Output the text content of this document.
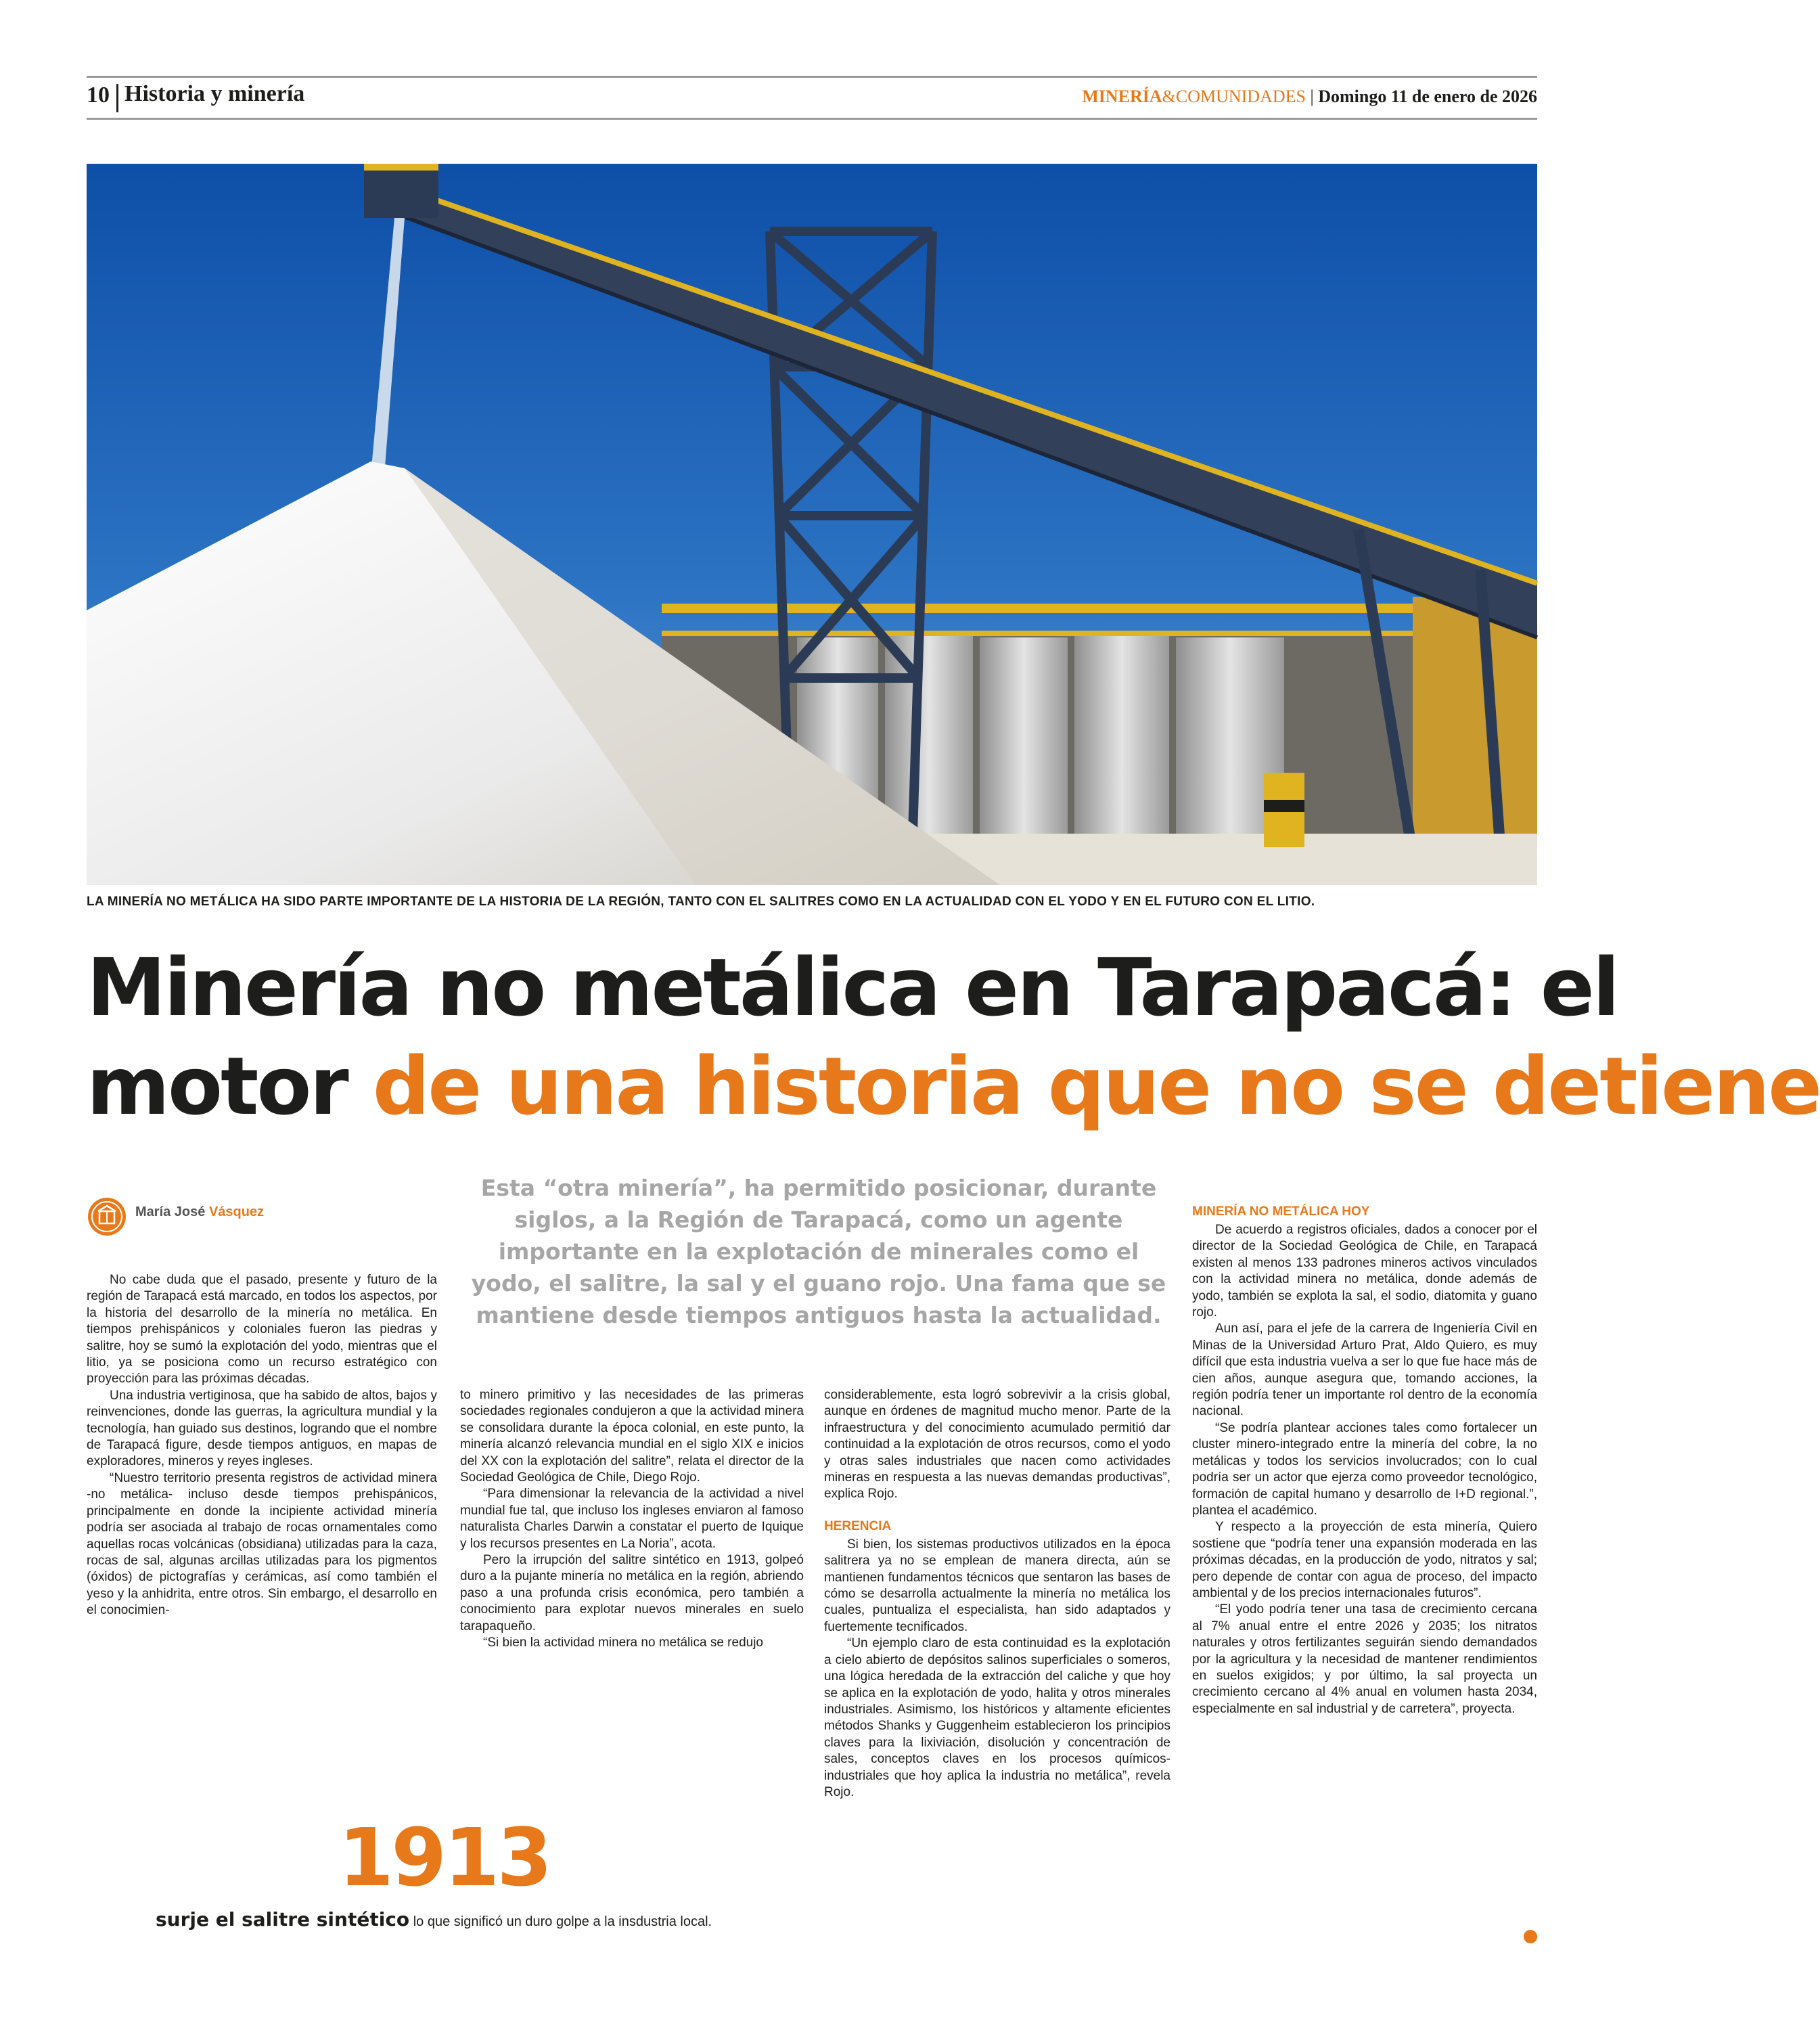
10 Historia y minería	MINERÍA&COMUNIDADES | Domingo 11 de enero de 2026
LA MINERÍA NO METÁLICA HA SIDO PARTE IMPORTANTE DE LA HISTORIA DE LA REGIÓN, TANTO CON EL SALITRES COMO EN LA ACTUALIDAD CON EL YODO Y EN EL FUTURO CON EL LITIO.
Minería no metálica en Tarapacá: el
motor de una historia que no se detiene
María José Vásquez
Esta “otra minería”, ha permitido posicionar, durante siglos, a la Región de Tarapacá, como un agente importante en la explotación de minerales como el yodo, el salitre, la sal y el guano rojo. Una fama que se mantiene desde tiempos antiguos hasta la actualidad.

No cabe duda que el pasado, presente y futuro de la región de Tarapacá está marcado, en todos los aspectos, por la historia del desarrollo de la minería no metálica. En tiempos prehispánicos y coloniales fueron las piedras y salitre, hoy se sumó la explotación del yodo, mientras que el litio, ya se posiciona como un recurso estratégico con proyección para las próximas décadas.

Una industria vertiginosa, que ha sabido de altos, bajos y reinvenciones, donde las guerras, la agricultura mundial y la tecnología, han guiado sus destinos, logrando que el nombre de Tarapacá figure, desde tiempos antiguos, en mapas de exploradores, mineros y reyes ingleses.

“Nuestro territorio presenta registros de actividad minera -no metálica- incluso desde tiempos prehispánicos, principalmente en donde la incipiente actividad minería podría ser asociada al trabajo de rocas ornamentales como aquellas rocas volcánicas (obsidiana) utilizadas para la caza, rocas de sal, algunas arcillas utilizadas para los pigmentos (óxidos) de pictografías y cerámicas, así como también el yeso y la anhidrita, entre otros. Sin embargo, el desarrollo en el conocimien-

to minero primitivo y las necesidades de las primeras sociedades regionales condujeron a que la actividad minera se consolidara durante la época colonial, en este punto, la minería alcanzó relevancia mundial en el siglo XIX e inicios del XX con la explotación del salitre”, relata el director de la Sociedad Geológica de Chile, Diego Rojo.

“Para dimensionar la relevancia de la actividad a nivel mundial fue tal, que incluso los ingleses enviaron al famoso naturalista Charles Darwin a constatar el puerto de Iquique y los recursos presentes en La Noria”, acota.

Pero la irrupción del salitre sintético en 1913, golpeó duro a la pujante minería no metálica en la región, abriendo paso a una profunda crisis económica, pero también a conocimiento para explotar nuevos minerales en suelo tarapaqueño.

“Si bien la actividad minera no metálica se redujo

considerablemente, esta logró sobrevivir a la crisis global, aunque en órdenes de magnitud mucho menor. Parte de la infraestructura y del conocimiento acumulado permitió dar continuidad a la explotación de otros recursos, como el yodo y otras sales industriales que nacen como actividades mineras en respuesta a las nuevas demandas productivas”, explica Rojo.

HERENCIA

Si bien, los sistemas productivos utilizados en la época salitrera ya no se emplean de manera directa, aún se mantienen fundamentos técnicos que sentaron las bases de cómo se desarrolla actualmente la minería no metálica los cuales, puntualiza el especialista, han sido adaptados y fuertemente tecnificados.

“Un ejemplo claro de esta continuidad es la explotación a cielo abierto de depósitos salinos superficiales o someros, una lógica heredada de la extracción del caliche y que hoy se aplica en la explotación de yodo, halita y otros minerales industriales. Asimismo, los históricos y altamente eficientes métodos Shanks y Guggenheim establecieron los principios claves para la lixiviación, disolución y concentración de sales, conceptos claves en los procesos químicos-industriales que hoy aplica la industria no metálica”, revela Rojo.

MINERÍA NO METÁLICA HOY

De acuerdo a registros oficiales, dados a conocer por el director de la Sociedad Geológica de Chile, en Tarapacá existen al menos 133 padrones mineros activos vinculados con la actividad minera no metálica, donde además de yodo, también se explota la sal, el sodio, diatomita y guano rojo.

Aun así, para el jefe de la carrera de Ingeniería Civil en Minas de la Universidad Arturo Prat, Aldo Quiero, es muy difícil que esta industria vuelva a ser lo que fue hace más de cien años, aunque asegura que, tomando acciones, la región podría tener un importante rol dentro de la economía nacional.

“Se podría plantear acciones tales como fortalecer un cluster minero-integrado entre la minería del cobre, la no metálicas y todos los servicios involucrados; con lo cual podría ser un actor que ejerza como proveedor tecnológico, formación de capital humano y desarrollo de I+D regional.”, plantea el académico.

Y respecto a la proyección de esta minería, Quiero sostiene que “podría tener una expansión moderada en las próximas décadas, en la producción de yodo, nitratos y sal; pero depende de contar con agua de proceso, del impacto ambiental y de los precios internacionales futuros”.

“El yodo podría tener una tasa de crecimiento cercana al 7% anual entre el entre 2026 y 2035; los nitratos naturales y otros fertilizantes seguirán siendo demandados por la agricultura y la necesidad de mantener rendimientos en suelos exigidos; y por último, la sal proyecta un crecimiento cercano al 4% anual en volumen hasta 2034, especialmente en sal industrial y de carretera”, proyecta.

1913
surje el salitre sintético lo que significó un duro golpe a la insdustria local.
